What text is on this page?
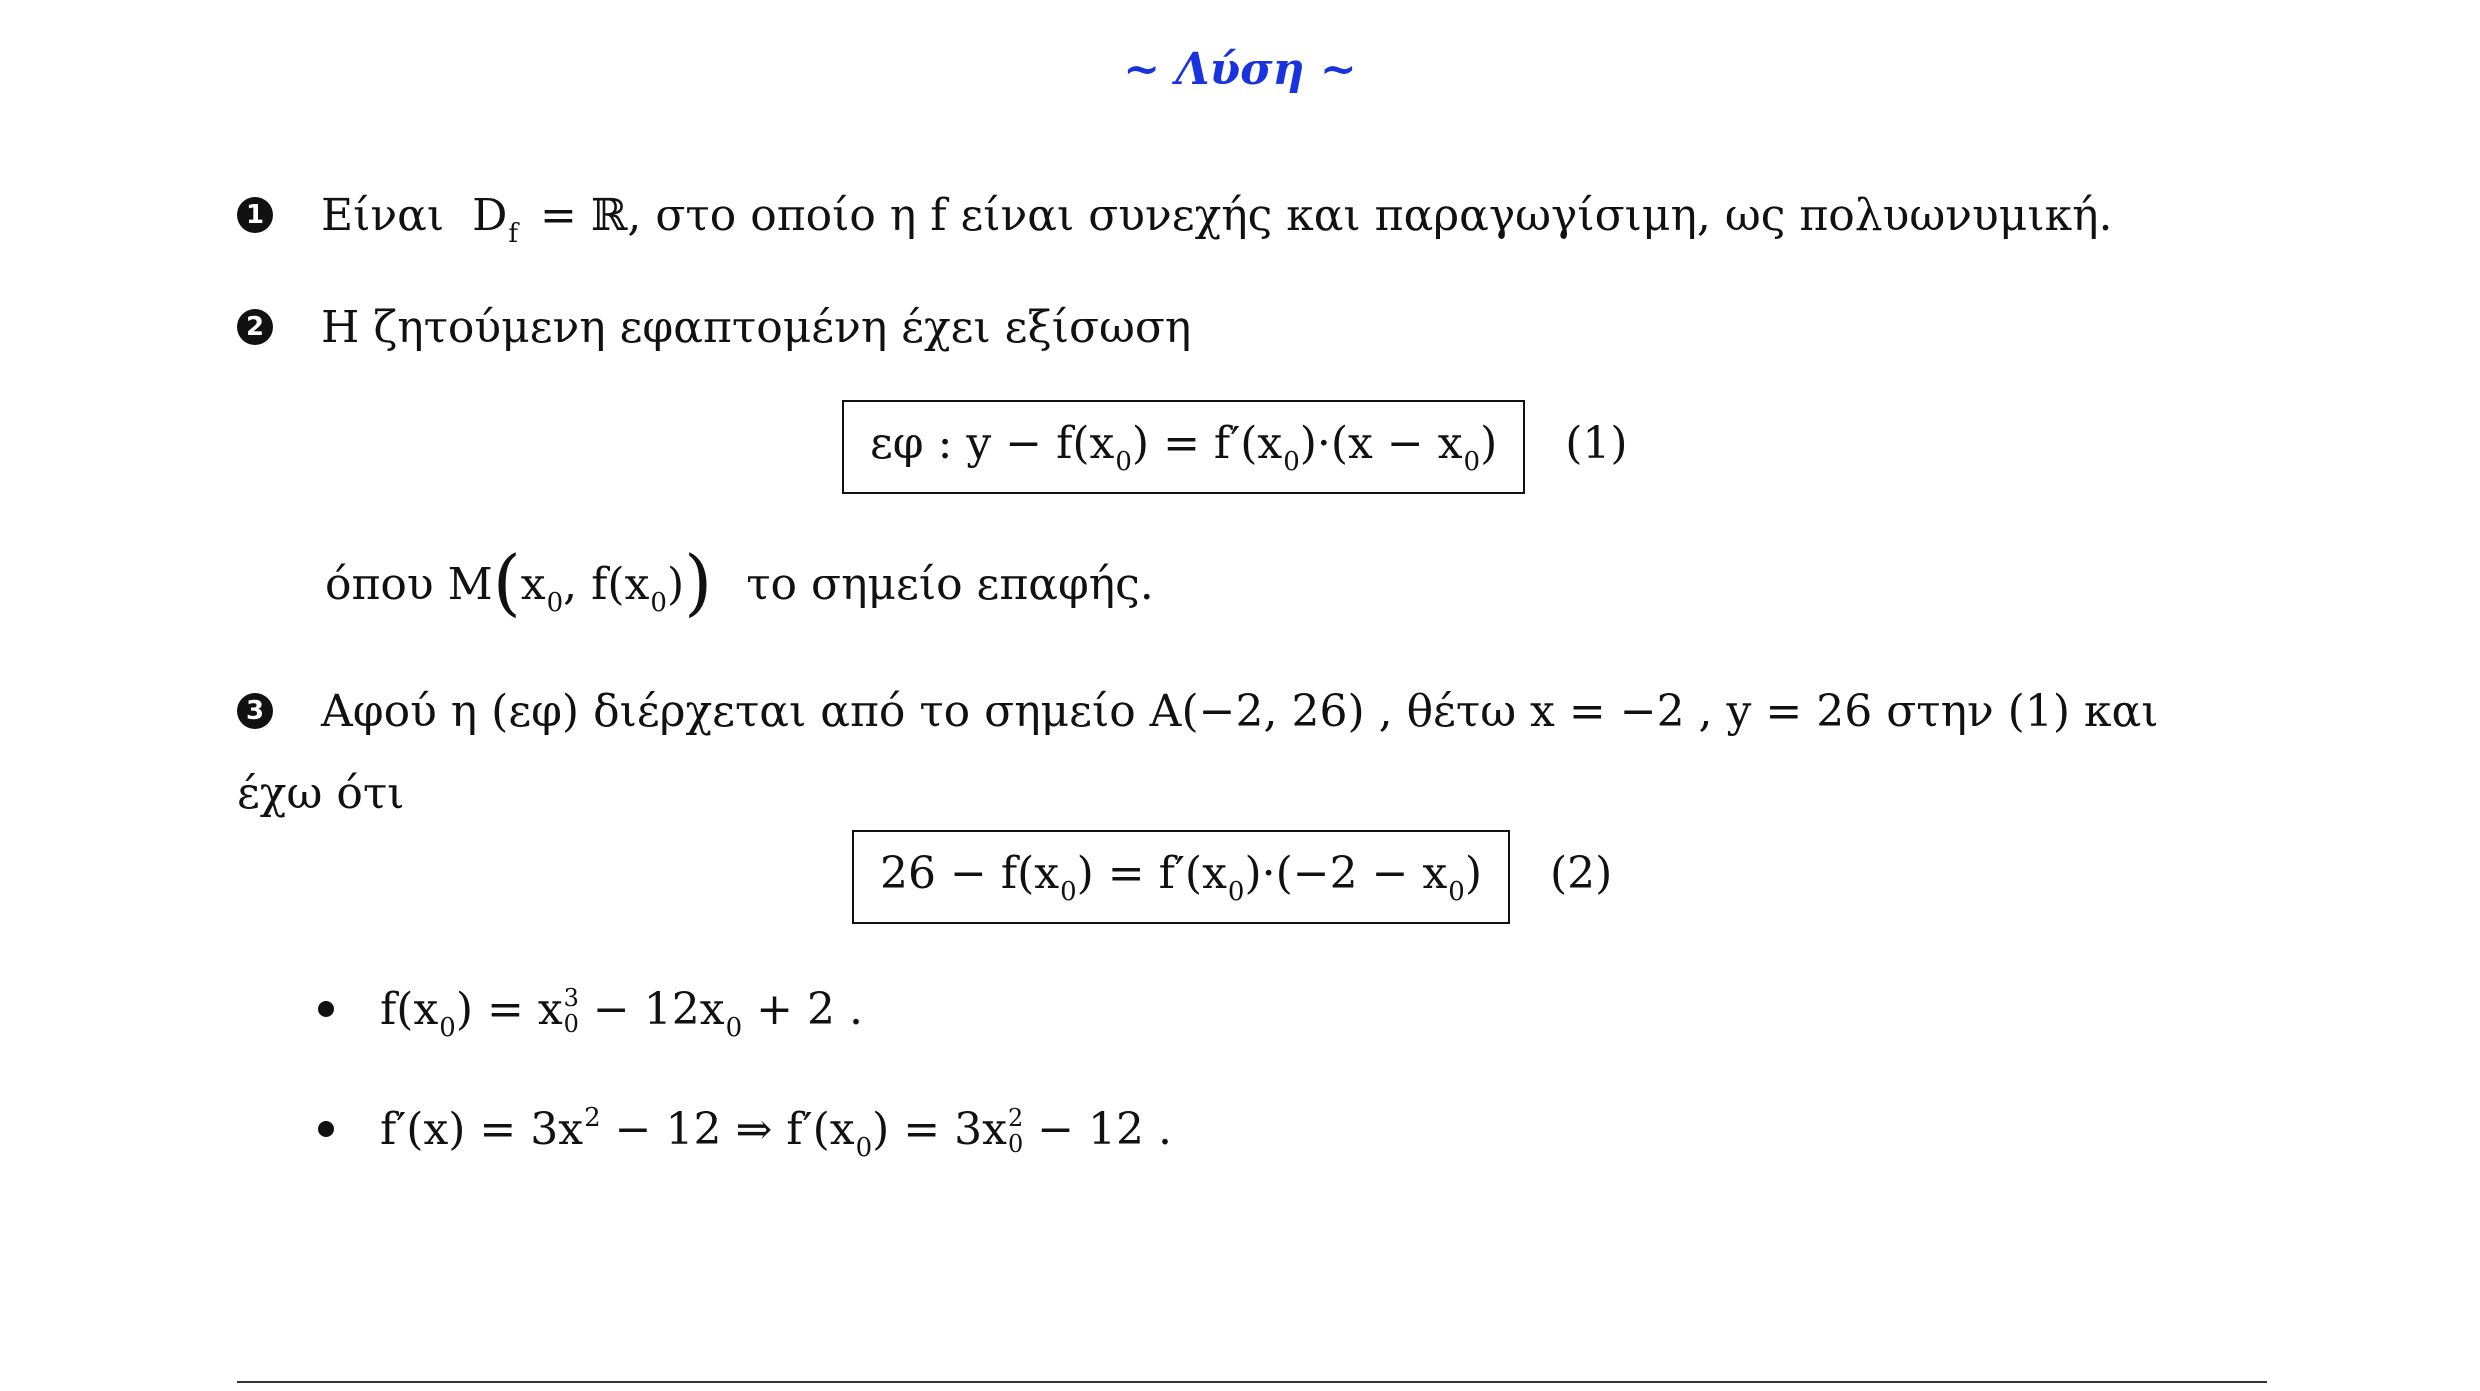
~ Λύση ~
1 Είναι $D_f$ = ℝ, στο οποίο η f είναι συνεχής και παραγωγίσιμη, ως πολυωνυμική.
2 Η ζητούμενη εφαπτομένη έχει εξίσωση
εφ : $y - f(x_0) = f'(x_0)\cdot(x - x_0)$ (1)
όπου $M(x_0$, $f(x_0)$) το σημείο επαφής.
3 Αφού η (εφ) διέρχεται από το σημείο A(−2, 26) , θέτω x = −2 , y = 26 στην (1) και
έχω ότι
$26 - f(x_0) = f'(x_0)\cdot(-2 - x_0)$ (2)
$f(x_0) = x$ 3
$0 - 12x_0 + 2$ .
$f'(x) = 3x^2 - 12$ ⇒ $f'(x_0) = 3x$ 2
0 − 12 .
